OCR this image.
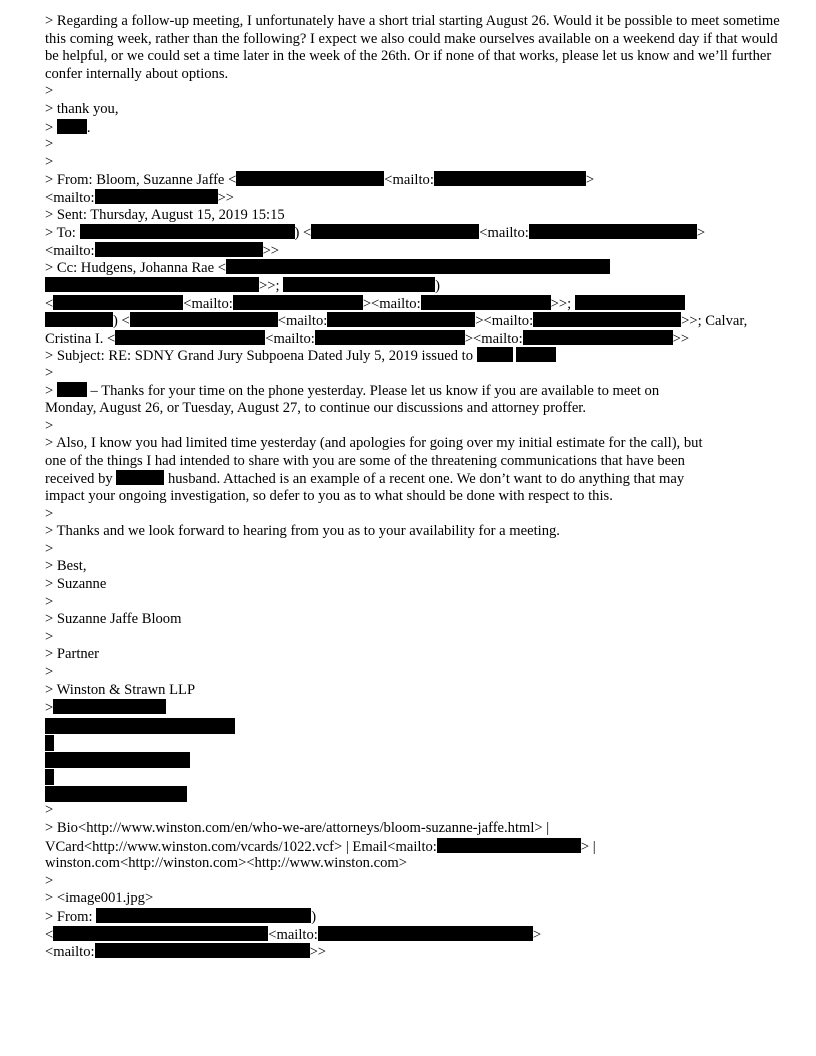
> Regarding a follow-up meeting, I unfortunately have a short trial starting August 26. Would it be possible to meet sometime this coming week, rather than the following? I expect we also could make ourselves available on a weekend day if that would be helpful, or we could set a time later in the week of the 26th. Or if none of that works, please let us know and we’ll further confer internally about options.
>
> thank you,
> .
>
>
> From: Bloom, Suzanne Jaffe <	<mailto:	>
<mailto:	>>
> Sent: Thursday, August 15, 2019 15:15
> To:	) <	<mailto:	>
<mailto:	>>
> Cc: Hudgens, Johanna Rae <
>>;	)
<	<mailto:	><mailto:	>>;
) <	<mailto:	><mailto:	>>; Calvar,
Cristina I. <	<mailto:	><mailto:	>>
> Subject: RE: SDNY Grand Jury Subpoena Dated July 5, 2019 issued to
>
>  – Thanks for your time on the phone yesterday. Please let us know if you are available to meet on
Monday, August 26, or Tuesday, August 27, to continue our discussions and attorney proffer.
>
> Also, I know you had limited time yesterday (and apologies for going over my initial estimate for the call), but
one of the things I had intended to share with you are some of the threatening communications that have been
received by	husband. Attached is an example of a recent one. We don’t want to do anything that may
impact your ongoing investigation, so defer to you as to what should be done with respect to this.
>
> Thanks and we look forward to hearing from you as to your availability for a meeting.
>
> Best,
> Suzanne
>
> Suzanne Jaffe Bloom
>
> Partner
>
> Winston & Strawn LLP
>
>
> Bio<http://www.winston.com/en/who-we-are/attorneys/bloom-suzanne-jaffe.html> |
VCard<http://www.winston.com/vcards/1022.vcf> | Email<mailto:	> |
winston.com<http://winston.com><http://www.winston.com>
>
> <image001.jpg>
> From:	)
<	<mailto:	>
<mailto:	>>
